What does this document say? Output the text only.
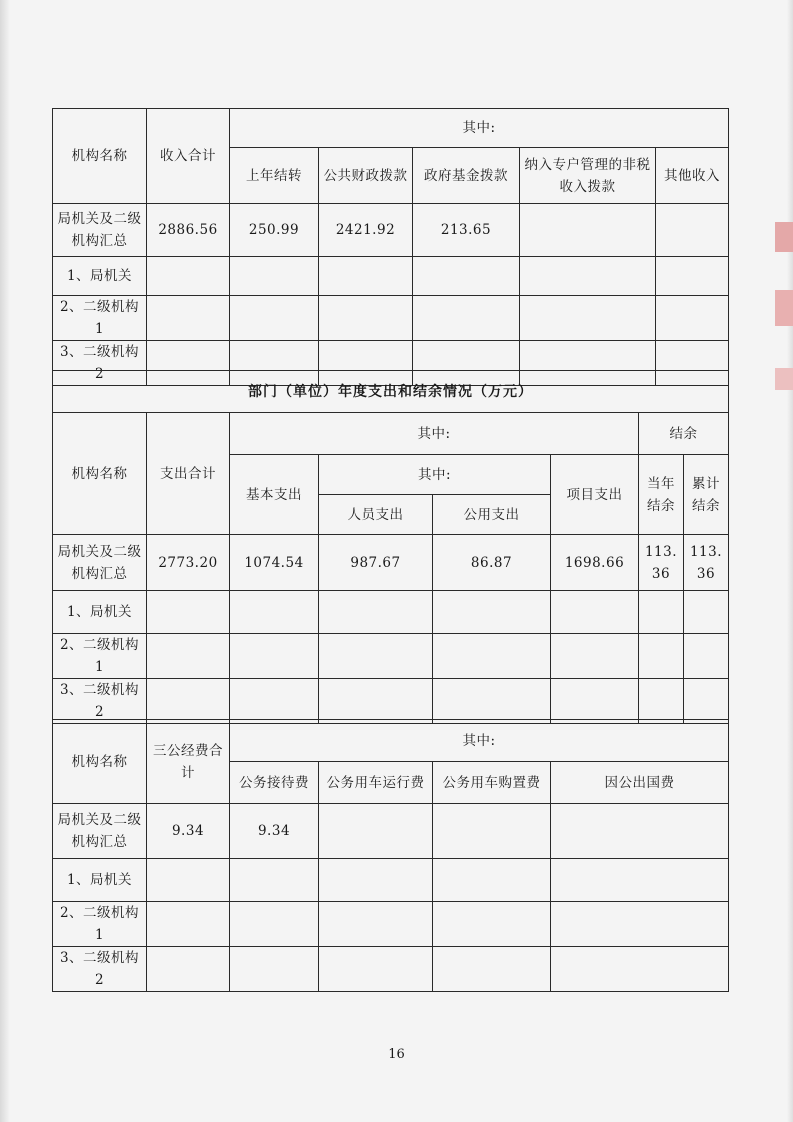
机构名称	收入合计	其中:				
		上年结转	公共财政拨款	政府基金拨款	纳入专户管理的非税收入拨款	其他收入
局机关及二级机构汇总	2886.56	250.99	2421.92	213.65		
1、局机关						
2、二级机构 1						
3、二级机构 2						
部门（单位）年度支出和结余情况（万元）							
机构名称	支出合计	其中:				结余	
		基本支出	其中:		项目支出	当年结余	累计结余
			人员支出	公用支出			
局机关及二级机构汇总	2773.20	1074.54	987.67	86.87	1698.66	113.36	113.36
1、局机关							
2、二级机构 1							
3、二级机构 2							
机构名称	三公经费合计	其中:			
		公务接待费	公务用车运行费	公务用车购置费	因公出国费
局机关及二级机构汇总	9.34	9.34			
1、局机关					
2、二级机构 1					
3、二级机构 2					
16
